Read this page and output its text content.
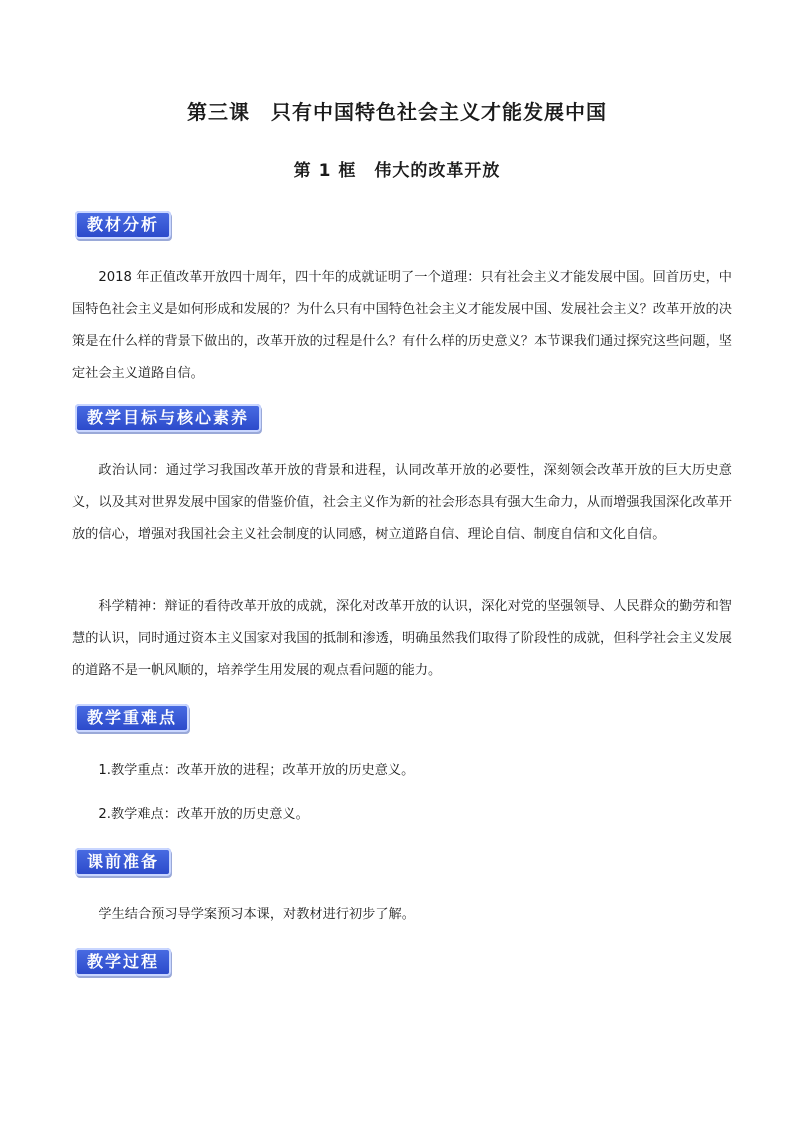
第三课　只有中国特色社会主义才能发展中国
第 1 框　伟大的改革开放
教材分析

2018 年正值改革开放四十周年，四十年的成就证明了一个道理：只有社会主义才能发展中国。回首历史，中国特色社会主义是如何形成和发展的？为什么只有中国特色社会主义才能发展中国、发展社会主义？改革开放的决策是在什么样的背景下做出的，改革开放的过程是什么？有什么样的历史意义？本节课我们通过探究这些问题，坚定社会主义道路自信。

教学目标与核心素养

政治认同：通过学习我国改革开放的背景和进程，认同改革开放的必要性，深刻领会改革开放的巨大历史意义，以及其对世界发展中国家的借鉴价值，社会主义作为新的社会形态具有强大生命力，从而增强我国深化改革开放的信心，增强对我国社会主义社会制度的认同感，树立道路自信、理论自信、制度自信和文化自信。

科学精神：辩证的看待改革开放的成就，深化对改革开放的认识，深化对党的坚强领导、人民群众的勤劳和智慧的认识，同时通过资本主义国家对我国的抵制和渗透，明确虽然我们取得了阶段性的成就，但科学社会主义发展的道路不是一帆风顺的，培养学生用发展的观点看问题的能力。

教学重难点

1.教学重点：改革开放的进程；改革开放的历史意义。

2.教学难点：改革开放的历史意义。

课前准备

学生结合预习导学案预习本课，对教材进行初步了解。

教学过程
